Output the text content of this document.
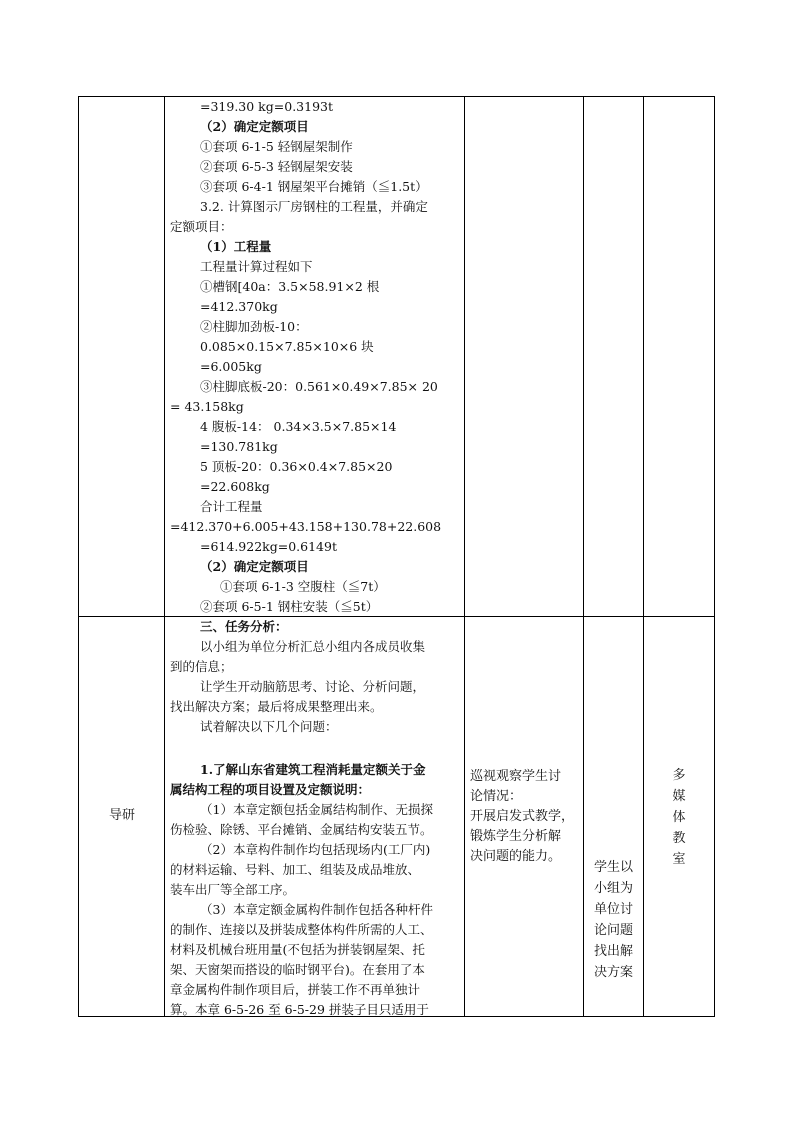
=319.30 kg=0.3193t
（2）确定定额项目
①套项 6-1-5 轻钢屋架制作
②套项 6-5-3 轻钢屋架安装
③套项 6-4-1 钢屋架平台摊销（≦1.5t）
3.2. 计算图示厂房钢柱的工程量，并确定
定额项目：
（1）工程量
工程量计算过程如下
①槽钢[40a：3.5×58.91×2 根
=412.370kg
②柱脚加劲板-10：
0.085×0.15×7.85×10×6 块
=6.005kg
③柱脚底板-20：0.561×0.49×7.85× 20
= 43.158kg
4 腹板-14： 0.34×3.5×7.85×14
=130.781kg
5 顶板-20：0.36×0.4×7.85×20
=22.608kg
合计工程量
=412.370+6.005+43.158+130.78+22.608
=614.922kg=0.6149t
（2）确定定额项目
①套项 6-1-3 空腹柱（≦7t）
②套项 6-5-1 钢柱安装（≦5t）
导研
三、任务分析：
以小组为单位分析汇总小组内各成员收集
到的信息；
让学生开动脑筋思考、讨论、分析问题，
找出解决方案；最后将成果整理出来。
试着解决以下几个问题：
1.了解山东省建筑工程消耗量定额关于金
属结构工程的项目设置及定额说明：
（1）本章定额包括金属结构制作、无损探
伤检验、除锈、平台摊销、金属结构安装五节。
（2）本章构件制作均包括现场内(工厂内)
的材料运输、号料、加工、组装及成品堆放、
装车出厂等全部工序。
（3）本章定额金属构件制作包括各种杆件
的制作、连接以及拼装成整体构件所需的人工、
材料及机械台班用量(不包括为拼装钢屋架、托
架、天窗架而搭设的临时钢平台)。在套用了本
章金属构件制作项目后，拼装工作不再单独计
算。本章 6-5-26 至 6-5-29 拼装子目只适用于
巡视观察学生讨
论情况：
开展启发式教学，
锻炼学生分析解
决问题的能力。
学生以
小组为
单位讨
论问题
找出解
决方案
多
媒
体
教
室
